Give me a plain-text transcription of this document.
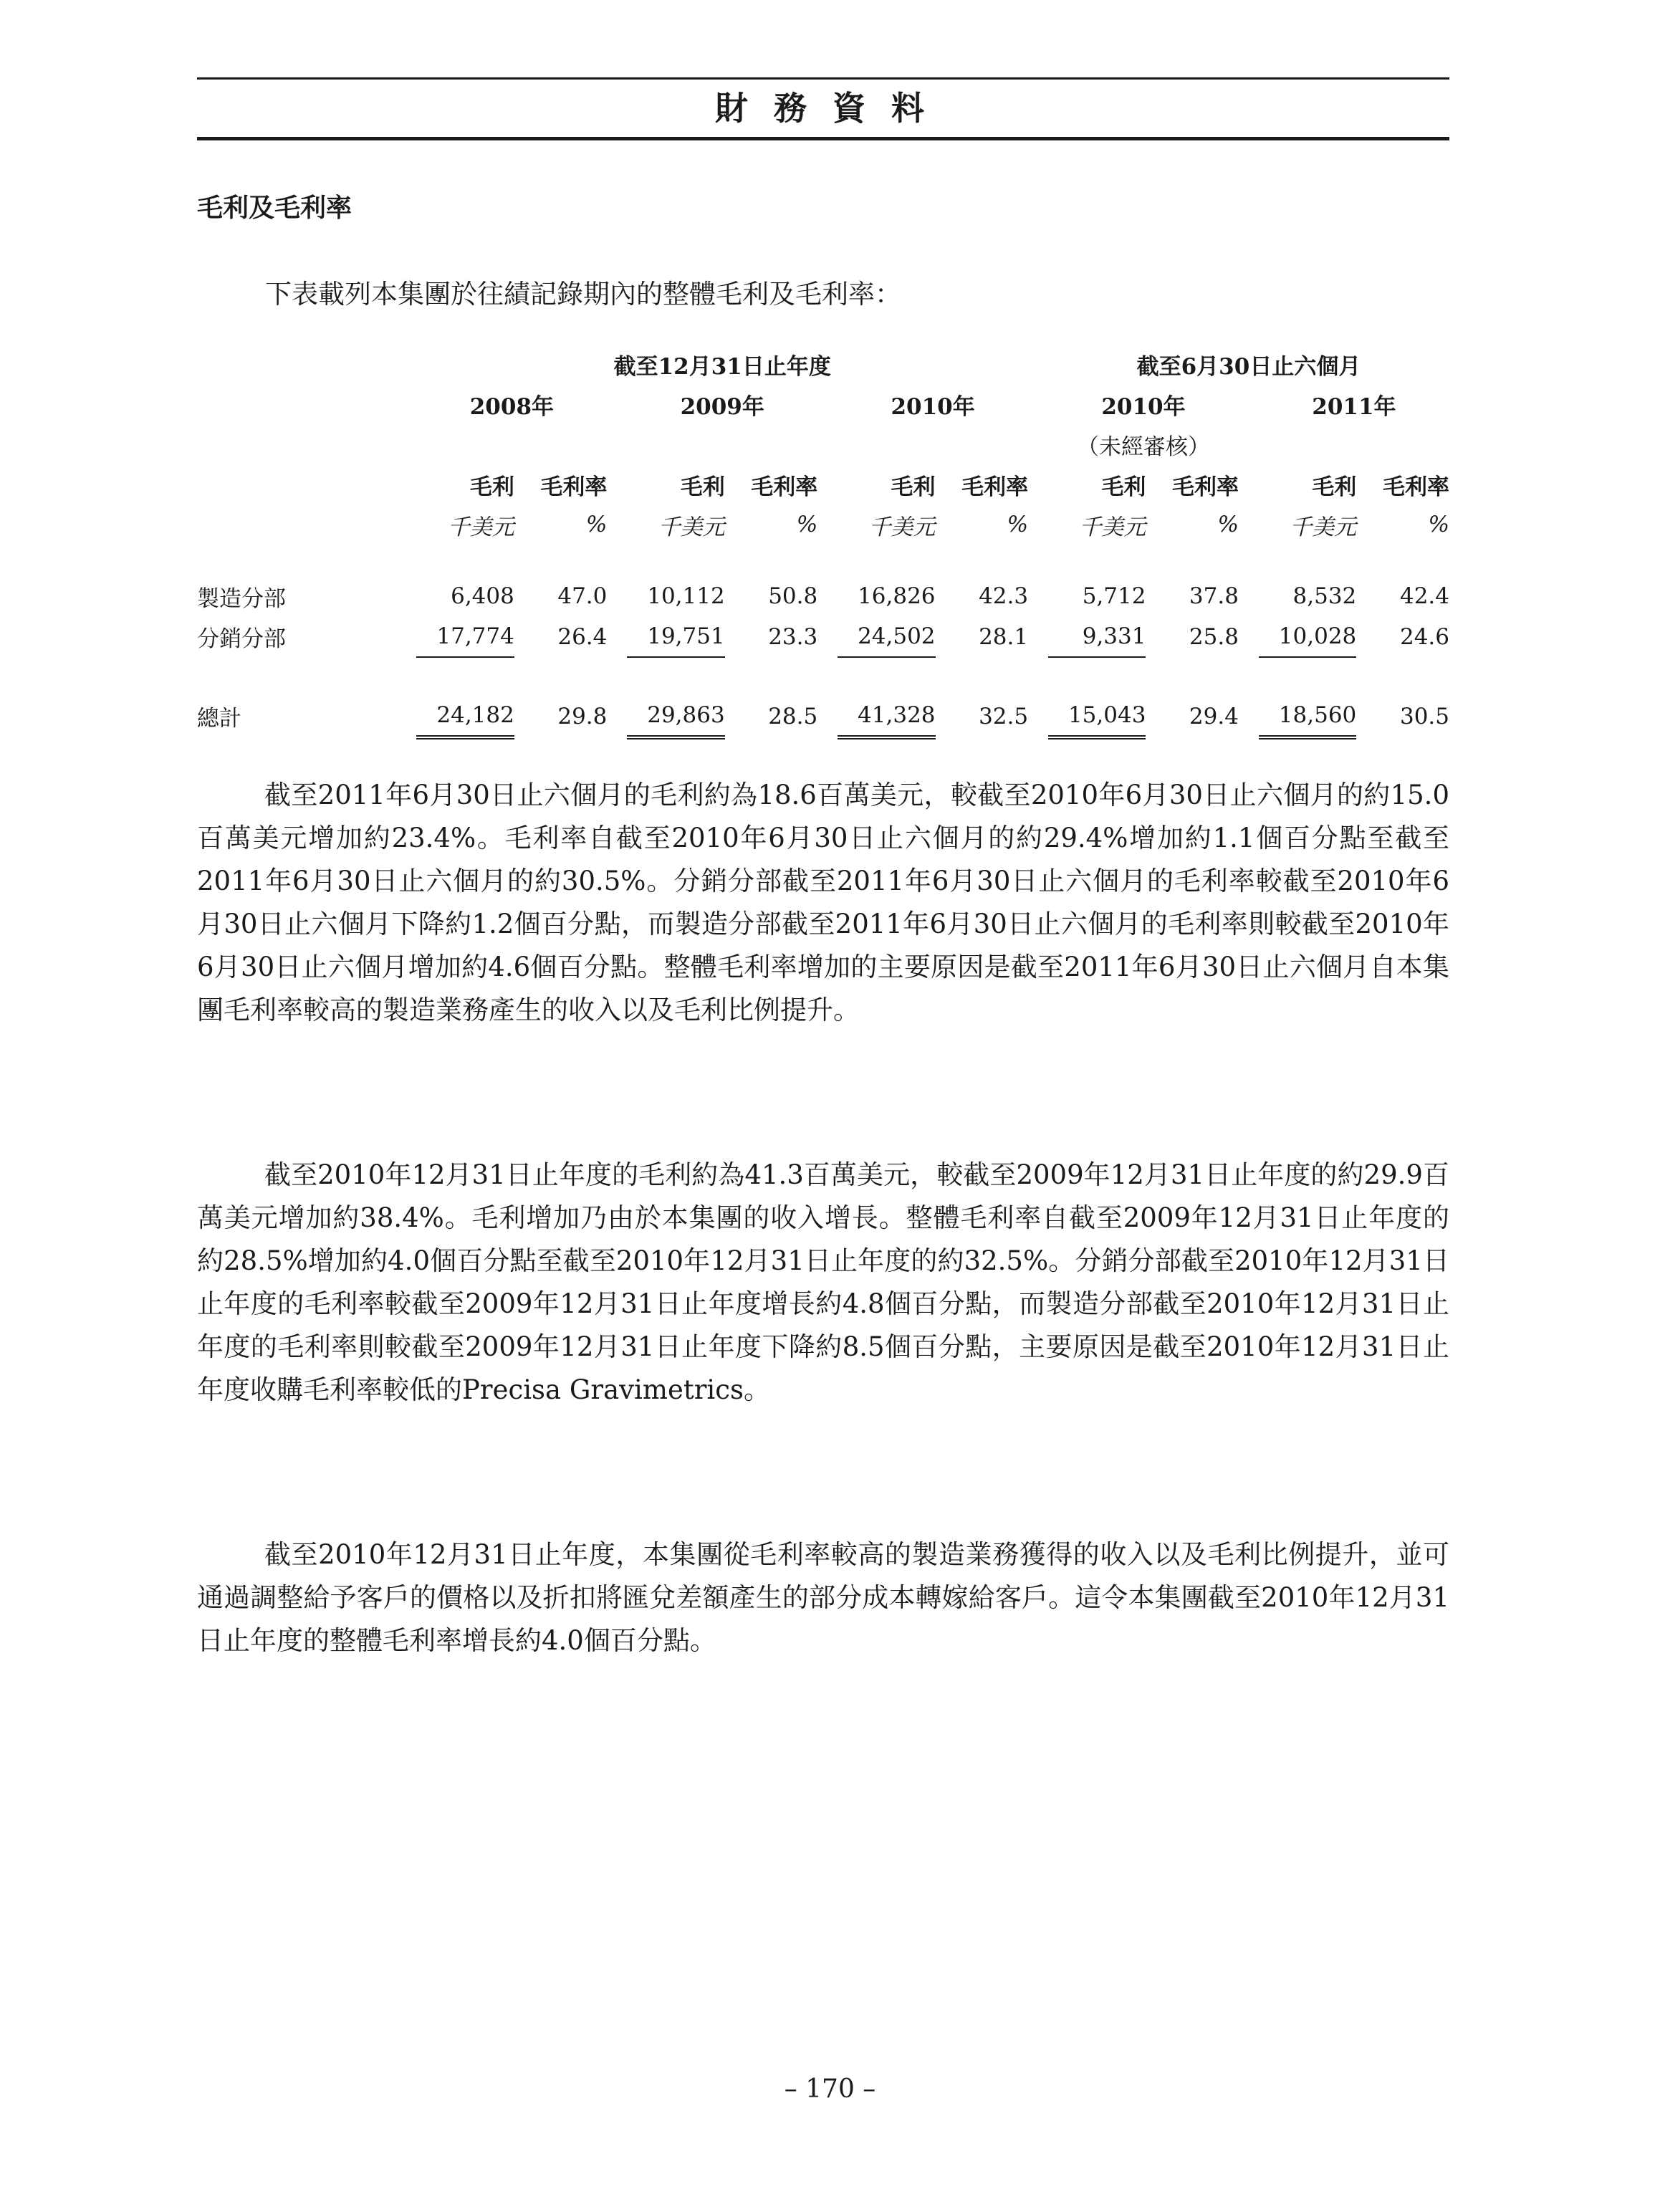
財 務 資 料
毛利及毛利率
下表載列本集團於往績記錄期內的整體毛利及毛利率：
	截至12月31日止年度									截至6月30日止六個月				
	2008年			2009年			2010年			2010年			2011年	
										（未經審核）				
	毛利	毛利率		毛利	毛利率		毛利	毛利率		毛利	毛利率		毛利	毛利率
	千美元	%		千美元	%		千美元	%		千美元	%		千美元	%

製造分部	6,408	47.0		10,112	50.8		16,826	42.3		5,712	37.8		8,532	42.4
分銷分部	17,774	26.4		19,751	23.3		24,502	28.1		9,331	25.8		10,028	24.6

總計	24,182	29.8		29,863	28.5		41,328	32.5		15,043	29.4		18,560	30.5

截至2011年6月30日止六個月的毛利約為18.6百萬美元，較截至2010年6月30日止六個月的約15.0百萬美元增加約23.4%。毛利率自截至2010年6月30日止六個月的約29.4%增加約1.1個百分點至截至2011年6月30日止六個月的約30.5%。分銷分部截至2011年6月30日止六個月的毛利率較截至2010年6月30日止六個月下降約1.2個百分點，而製造分部截至2011年6月30日止六個月的毛利率則較截至2010年6月30日止六個月增加約4.6個百分點。整體毛利率增加的主要原因是截至2011年6月30日止六個月自本集團毛利率較高的製造業務產生的收入以及毛利比例提升。

截至2010年12月31日止年度的毛利約為41.3百萬美元，較截至2009年12月31日止年度的約29.9百萬美元增加約38.4%。毛利增加乃由於本集團的收入增長。整體毛利率自截至2009年12月31日止年度的約28.5%增加約4.0個百分點至截至2010年12月31日止年度的約32.5%。分銷分部截至2010年12月31日止年度的毛利率較截至2009年12月31日止年度增長約4.8個百分點，而製造分部截至2010年12月31日止年度的毛利率則較截至2009年12月31日止年度下降約8.5個百分點，主要原因是截至2010年12月31日止年度收購毛利率較低的Precisa Gravimetrics。

截至2010年12月31日止年度，本集團從毛利率較高的製造業務獲得的收入以及毛利比例提升，並可通過調整給予客戶的價格以及折扣將匯兌差額產生的部分成本轉嫁給客戶。這令本集團截至2010年12月31日止年度的整體毛利率增長約4.0個百分點。

– 170 –
